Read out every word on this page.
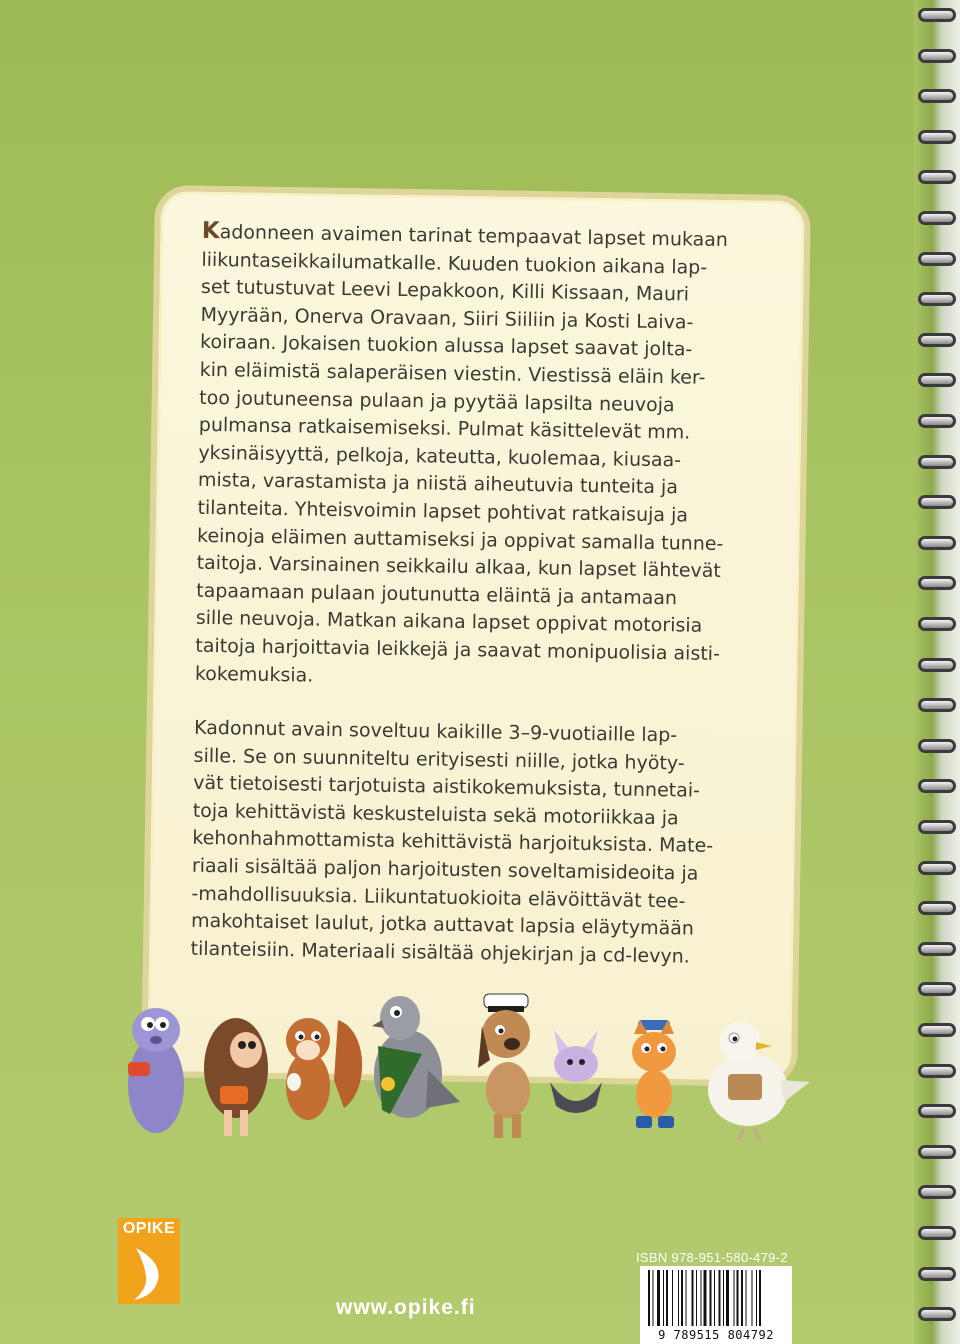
Kadonneen avaimen tarinat tempaavat lapset mukaan
liikuntaseikkailumatkalle. Kuuden tuokion aikana lap-
set tutustuvat Leevi Lepakkoon, Killi Kissaan, Mauri
Myyrään, Onerva Oravaan, Siiri Siiliin ja Kosti Laiva-
koiraan. Jokaisen tuokion alussa lapset saavat jolta-
kin eläimistä salaperäisen viestin. Viestissä eläin ker-
too joutuneensa pulaan ja pyytää lapsilta neuvoja
pulmansa ratkaisemiseksi. Pulmat käsittelevät mm.
yksinäisyyttä, pelkoja, kateutta, kuolemaa, kiusaa-
mista, varastamista ja niistä aiheutuvia tunteita ja
tilanteita. Yhteisvoimin lapset pohtivat ratkaisuja ja
keinoja eläimen auttamiseksi ja oppivat samalla tunne-
taitoja. Varsinainen seikkailu alkaa, kun lapset lähtevät
tapaamaan pulaan joutunutta eläintä ja antamaan
sille neuvoja. Matkan aikana lapset oppivat motorisia
taitoja harjoittavia leikkejä ja saavat monipuolisia aisti-
kokemuksia.

Kadonnut avain soveltuu kaikille 3–9-vuotiaille lap-
sille. Se on suunniteltu erityisesti niille, jotka hyöty-
vät tietoisesti tarjotuista aistikokemuksista, tunnetai-
toja kehittävistä keskusteluista sekä motoriikkaa ja
kehonhahmottamista kehittävistä harjoituksista. Mate-
riaali sisältää paljon harjoitusten soveltamisideoita ja
-mahdollisuuksia. Liikuntatuokioita elävöittävät tee-
makohtaiset laulut, jotka auttavat lapsia eläytymään
tilanteisiin. Materiaali sisältää ohjekirjan ja cd-levyn.

OPIKE
www.opike.fi
ISBN 978-951-580-479-2
9 789515 804792
